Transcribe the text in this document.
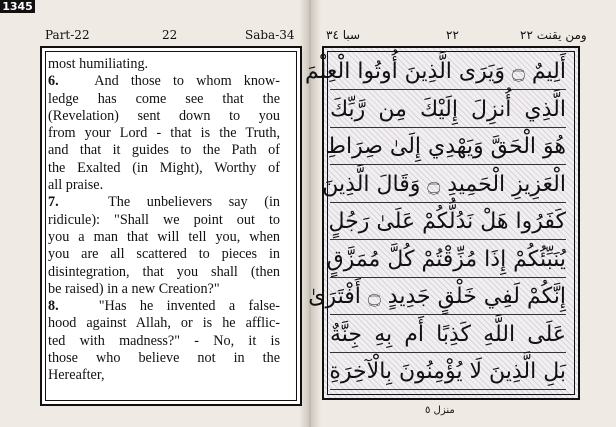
1345
Part-22	22	Saba-34
most humiliating.
6.   And those to whom know-
ledge has come see that the
(Revelation) sent down to you
from your Lord - that is the Truth,
and that it guides to the Path of
the Exalted (in Might), Worthy of
all praise.
7.   The unbelievers say (in
ridicule): "Shall we point out to
you a man that will tell you, when
you are all scattered to pieces in
disintegration, that you shall (then
be raised) in a new Creation?"
8.   "Has he invented a false-
hood against Allah, or is he afflic-
ted with madness?" - No, it is
those who believe not in the
Hereafter,
سبا ٣٤	٢٢	ومن يقنت ٢٢
أَلِيمٌ ۝ وَيَرَى الَّذِينَ أُوتُوا الْعِلْمَ
الَّذِي أُنزِلَ إِلَيْكَ مِن رَّبِّكَ
هُوَ الْحَقَّ وَيَهْدِي إِلَىٰ صِرَاطِ
الْعَزِيزِ الْحَمِيدِ ۝ وَقَالَ الَّذِينَ
كَفَرُوا هَلْ نَدُلُّكُمْ عَلَىٰ رَجُلٍ
يُنَبِّئُكُمْ إِذَا مُزِّقْتُمْ كُلَّ مُمَزَّقٍ
إِنَّكُمْ لَفِي خَلْقٍ جَدِيدٍ ۝ أَفْتَرَىٰ
عَلَى اللَّهِ كَذِبًا أَم بِهِ جِنَّةٌ
بَلِ الَّذِينَ لَا يُؤْمِنُونَ بِالْآخِرَةِ
منزل ٥
